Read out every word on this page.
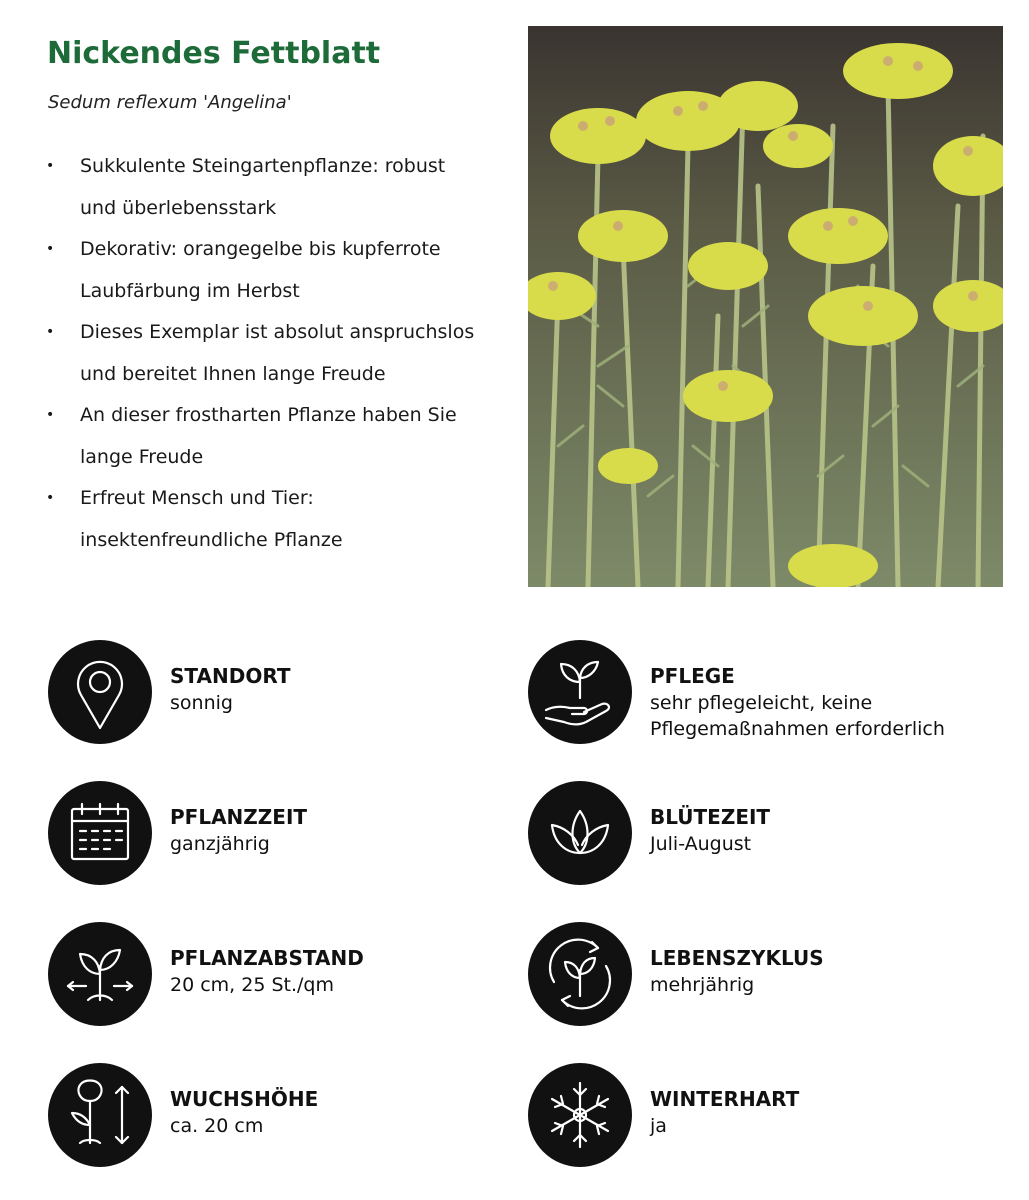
Nickendes Fettblatt

Sedum reflexum 'Angelina'

• Sukkulente Steingartenpflanze: robust und überlebensstark
• Dekorativ: orangegelbe bis kupferrote Laubfärbung im Herbst
• Dieses Exemplar ist absolut anspruchslos und bereitet Ihnen lange Freude
• An dieser frostharten Pflanze haben Sie lange Freude
• Erfreut Mensch und Tier: insektenfreundliche Pflanze
STANDORT
sonnig
PFLEGE
sehr pflegeleicht, keine Pflegemaßnahmen erforderlich
PFLANZZEIT
ganzjährig
BLÜTEZEIT
Juli-August
PFLANZABSTAND
20 cm, 25 St./qm
LEBENSZYKLUS
mehrjährig
WUCHSHÖHE
ca. 20 cm
WINTERHART
ja
